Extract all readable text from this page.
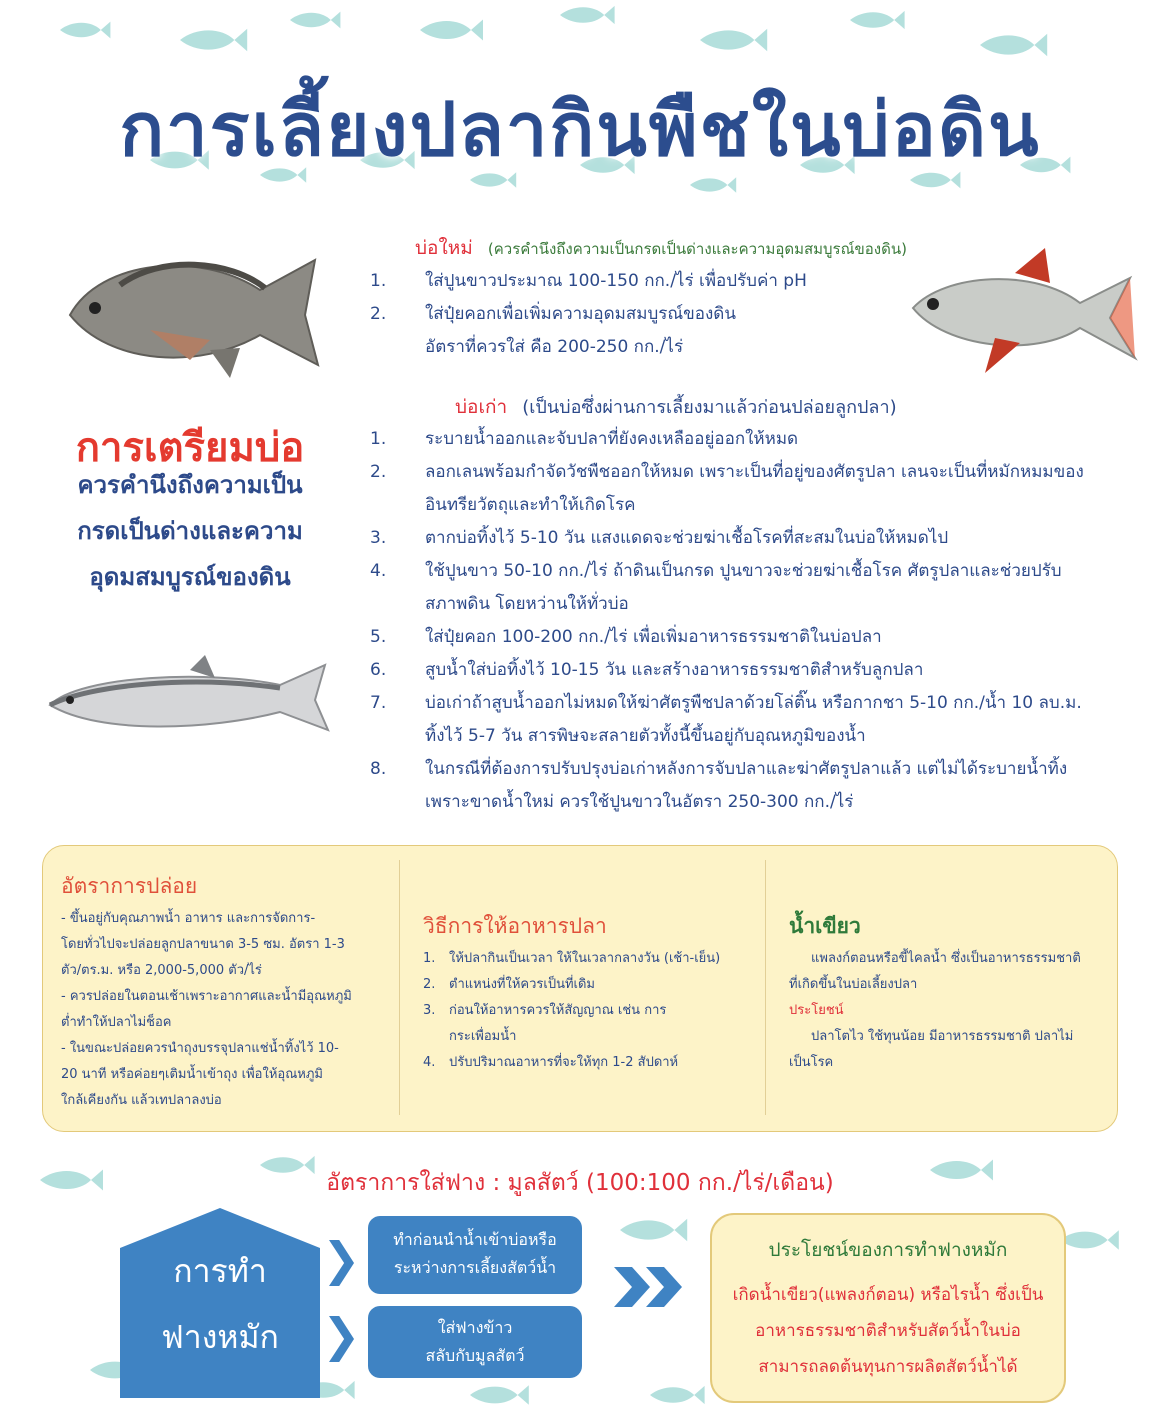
การเลี้ยงปลากินพืชในบ่อดิน
การเตรียมบ่อ
ควรคำนึงถึงความเป็น
กรดเป็นด่างและความ
อุดมสมบูรณ์ของดิน
บ่อใหม่ (ควรคำนึงถึงความเป็นกรดเป็นด่างและความอุดมสมบูรณ์ของดิน)
1.	ใส่ปูนขาวประมาณ 100-150 กก./ไร่ เพื่อปรับค่า pH
2.	ใส่ปุ๋ยคอกเพื่อเพิ่มความอุดมสมบูรณ์ของดิน
อัตราที่ควรใส่ คือ 200-250 กก./ไร่
บ่อเก่า (เป็นบ่อซึ่งผ่านการเลี้ยงมาแล้วก่อนปล่อยลูกปลา)
1.	ระบายน้ำออกและจับปลาที่ยังคงเหลืออยู่ออกให้หมด
2.	ลอกเลนพร้อมกำจัดวัชพืชออกให้หมด เพราะเป็นที่อยู่ของศัตรูปลา เลนจะเป็นที่หมักหมมของ
อินทรียวัตถุและทำให้เกิดโรค
3.	ตากบ่อทิ้งไว้ 5-10 วัน แสงแดดจะช่วยฆ่าเชื้อโรคที่สะสมในบ่อให้หมดไป
4.	ใช้ปูนขาว 50-10 กก./ไร่ ถ้าดินเป็นกรด ปูนขาวจะช่วยฆ่าเชื้อโรค ศัตรูปลาและช่วยปรับ
สภาพดิน โดยหว่านให้ทั่วบ่อ
5.	ใส่ปุ๋ยคอก 100-200 กก./ไร่ เพื่อเพิ่มอาหารธรรมชาติในบ่อปลา
6.	สูบน้ำใส่บ่อทิ้งไว้ 10-15 วัน และสร้างอาหารธรรมชาติสำหรับลูกปลา
7.	บ่อเก่าถ้าสูบน้ำออกไม่หมดให้ฆ่าศัตรูพืชปลาด้วยโล่ติ๊น หรือกากชา 5-10 กก./น้ำ 10 ลบ.ม.
ทิ้งไว้ 5-7 วัน สารพิษจะสลายตัวทั้งนี้ขึ้นอยู่กับอุณหภูมิของน้ำ
8.	ในกรณีที่ต้องการปรับปรุงบ่อเก่าหลังการจับปลาและฆ่าศัตรูปลาแล้ว แต่ไม่ได้ระบายน้ำทิ้ง
เพราะขาดน้ำใหม่ ควรใช้ปูนขาวในอัตรา 250-300 กก./ไร่
อัตราการปล่อย
- ขึ้นอยู่กับคุณภาพน้ำ อาหาร และการจัดการ-
โดยทั่วไปจะปล่อยลูกปลาขนาด 3-5 ซม. อัตรา 1-3
ตัว/ตร.ม. หรือ 2,000-5,000 ตัว/ไร่
- ควรปล่อยในตอนเช้าเพราะอากาศและน้ำมีอุณหภูมิ
ต่ำทำให้ปลาไม่ช็อค
- ในขณะปล่อยควรนำถุงบรรจุปลาแช่น้ำทิ้งไว้ 10-
20 นาที หรือค่อยๆเติมน้ำเข้าถุง เพื่อให้อุณหภูมิ
ใกล้เคียงกัน แล้วเทปลาลงบ่อ
วิธีการให้อาหารปลา
1. ให้ปลากินเป็นเวลา ให้ในเวลากลางวัน (เช้า-เย็น)
2. ตำแหน่งที่ให้ควรเป็นที่เดิม
3. ก่อนให้อาหารควรให้สัญญาณ เช่น การ
กระเพื่อมน้ำ
4. ปรับปริมาณอาหารที่จะให้ทุก 1-2 สัปดาห์
น้ำเขียว
แพลงก์ตอนหรือขี้ไคลน้ำ ซึ่งเป็นอาหารธรรมชาติ
ที่เกิดขึ้นในบ่อเลี้ยงปลา
ประโยชน์
ปลาโตไว ใช้ทุนน้อย มีอาหารธรรมชาติ ปลาไม่
เป็นโรค
อัตราการใส่ฟาง : มูลสัตว์ (100:100 กก./ไร่/เดือน)
การทำ
ฟางหมัก
❯
❯
ทำก่อนนำน้ำเข้าบ่อหรือ
ระหว่างการเลี้ยงสัตว์น้ำ
ใส่ฟางข้าว
สลับกับมูลสัตว์
ประโยชน์ของการทำฟางหมัก
เกิดน้ำเขียว(แพลงก์ตอน) หรือไรน้ำ ซึ่งเป็น
อาหารธรรมชาติสำหรับสัตว์น้ำในบ่อ
สามารถลดต้นทุนการผลิตสัตว์น้ำได้
